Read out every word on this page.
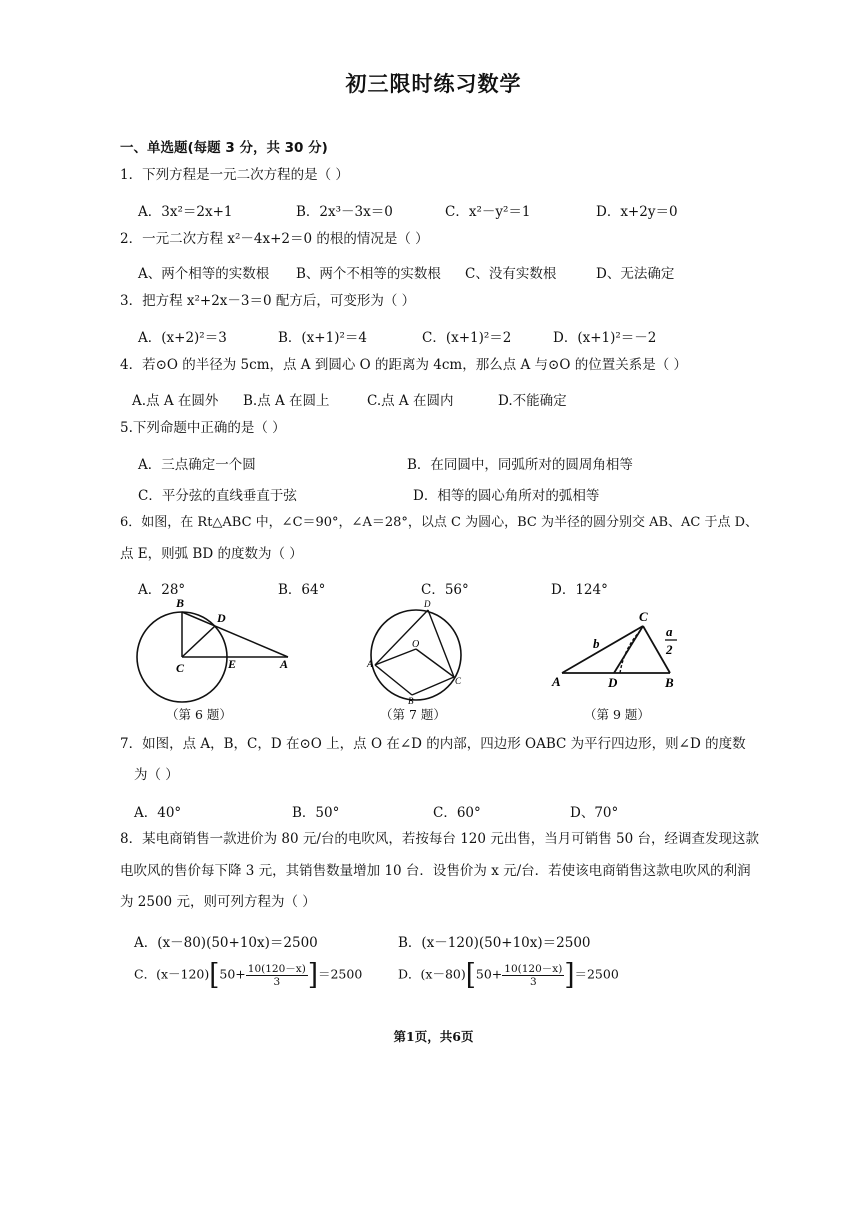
初三限时练习数学
一、单选题(每题 3 分，共 30 分)
1．下列方程是一元二次方程的是（ ）
A．3x²＝2x+1	B．2x³－3x＝0	C．x²－y²＝1	D．x+2y＝0
2．一元二次方程 x²－4x+2＝0 的根的情况是（ ）
A、两个相等的实数根 B、两个不相等的实数根 C、没有实数根	D、无法确定
3．把方程 x²+2x－3＝0 配方后，可变形为（ ）
A．(x+2)²＝3	B．(x+1)²＝4	C．(x+1)²＝2	D．(x+1)²＝－2
4．若⊙O 的半径为 5cm，点 A 到圆心 O 的距离为 4cm，那么点 A 与⊙O 的位置关系是（ ）
A.点 A 在圆外 B.点 A 在圆上	C.点 A 在圆内	D.不能确定
5.下列命题中正确的是（ ）
A．三点确定一个圆	B．在同圆中，同弧所对的圆周角相等
C．平分弦的直线垂直于弦	D．相等的圆心角所对的弧相等
6．如图，在 Rt△ABC 中，∠C＝90°，∠A＝28°，以点 C 为圆心，BC 为半径的圆分别交 AB、AC 于点 D、
点 E，则弧 BD 的度数为（ ）
A．28°	B．64°	C．56°	D．124°
B
D
C	E	A
（第 6 题）
D
O
A
B
C
（第 7 题）
C
b
a
2
A	D	B
（第 9 题）
7．如图，点 A，B，C，D 在⊙O 上，点 O 在∠D 的内部，四边形 OABC 为平行四边形，则∠D 的度数
为（ ）
A．40°	B．50°	C．60°	D、70°
8．某电商销售一款进价为 80 元/台的电吹风，若按每台 120 元出售，当月可销售 50 台，经调查发现这款
电吹风的售价每下降 3 元，其销售数量增加 10 台．设售价为 x 元/台．若使该电商销售这款电吹风的利润
为 2500 元，则可列方程为（ ）
A．(x－80)(50+10x)＝2500	B．(x－120)(50+10x)＝2500
C．$(x-120)[50+ \frac{10(120-x)}{3} ]=2500$	D．$(x-80)[50+ \frac{10(120-x)}{3} ]=2500$
第1页，共6页
